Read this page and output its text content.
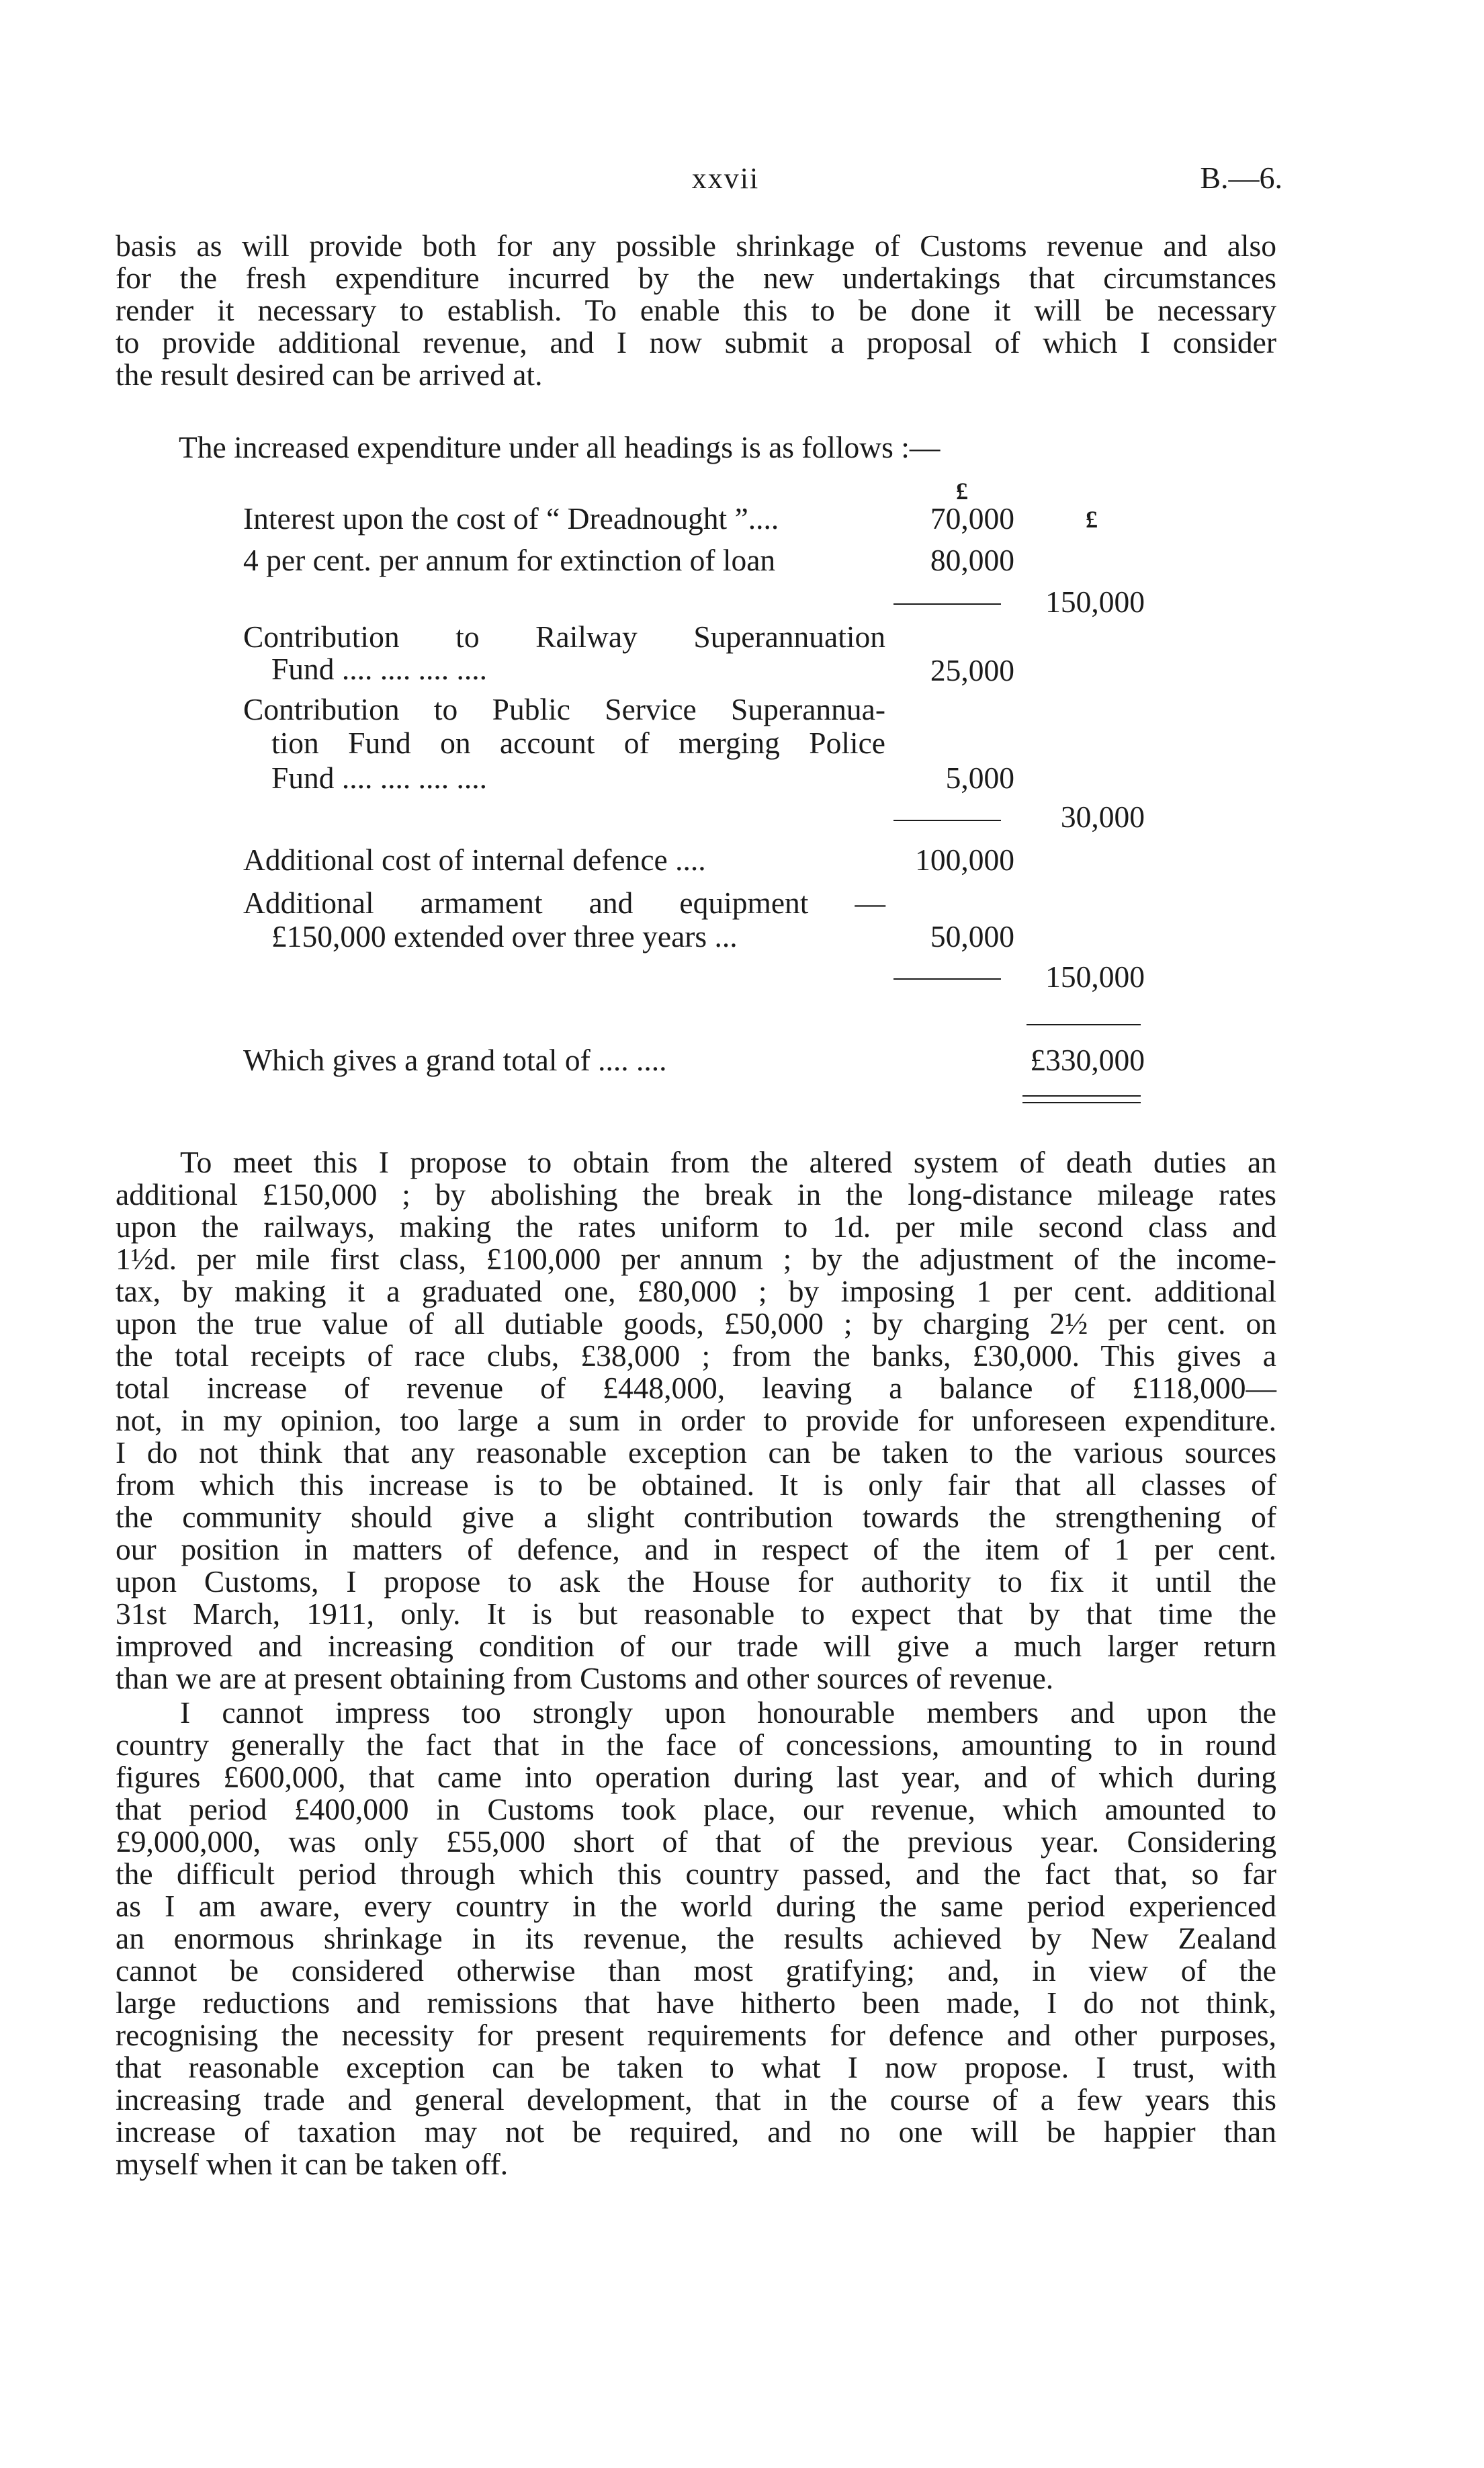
xxvii	B.—6.
basis as will provide both for any possible shrinkage of Customs revenue and also
for the fresh expenditure incurred by the new undertakings that circumstances
render it necessary to establish. To enable this to be done it will be necessary
to provide additional revenue, and I now submit a proposal of which I consider
the result desired can be arrived at.
The increased expenditure under all headings is as follows :—
£
£
Interest upon the cost of “ Dreadnought ”....	70,000
4 per cent. per annum for extinction of loan	80,000
150,000
Contribution to Railway Superannuation
Fund .... .... .... ....	25,000
Contribution to Public Service Superannua-
tion Fund on account of merging Police
Fund .... .... .... ....	5,000
30,000
Additional cost of internal defence ....	100,000
Additional armament and equipment —
£150,000 extended over three years ...	50,000
150,000
Which gives a grand total of .... ....	£330,000
To meet this I propose to obtain from the altered system of death duties an
additional £150,000 ; by abolishing the break in the long-distance mileage rates
upon the railways, making the rates uniform to 1d. per mile second class and
1½d. per mile first class, £100,000 per annum ; by the adjustment of the income-
tax, by making it a graduated one, £80,000 ; by imposing 1 per cent. additional
upon the true value of all dutiable goods, £50,000 ; by charging 2½ per cent. on
the total receipts of race clubs, £38,000 ; from the banks, £30,000. This gives a
total increase of revenue of £448,000, leaving a balance of £118,000—
not, in my opinion, too large a sum in order to provide for unforeseen expenditure.
I do not think that any reasonable exception can be taken to the various sources
from which this increase is to be obtained. It is only fair that all classes of
the community should give a slight contribution towards the strengthening of
our position in matters of defence, and in respect of the item of 1 per cent.
upon Customs, I propose to ask the House for authority to fix it until the
31st March, 1911, only. It is but reasonable to expect that by that time the
improved and increasing condition of our trade will give a much larger return
than we are at present obtaining from Customs and other sources of revenue.
I cannot impress too strongly upon honourable members and upon the
country generally the fact that in the face of concessions, amounting to in round
figures £600,000, that came into operation during last year, and of which during
that period £400,000 in Customs took place, our revenue, which amounted to
£9,000,000, was only £55,000 short of that of the previous year. Considering
the difficult period through which this country passed, and the fact that, so far
as I am aware, every country in the world during the same period experienced
an enormous shrinkage in its revenue, the results achieved by New Zealand
cannot be considered otherwise than most gratifying; and, in view of the
large reductions and remissions that have hitherto been made, I do not think,
recognising the necessity for present requirements for defence and other purposes,
that reasonable exception can be taken to what I now propose. I trust, with
increasing trade and general development, that in the course of a few years this
increase of taxation may not be required, and no one will be happier than
myself when it can be taken off.
